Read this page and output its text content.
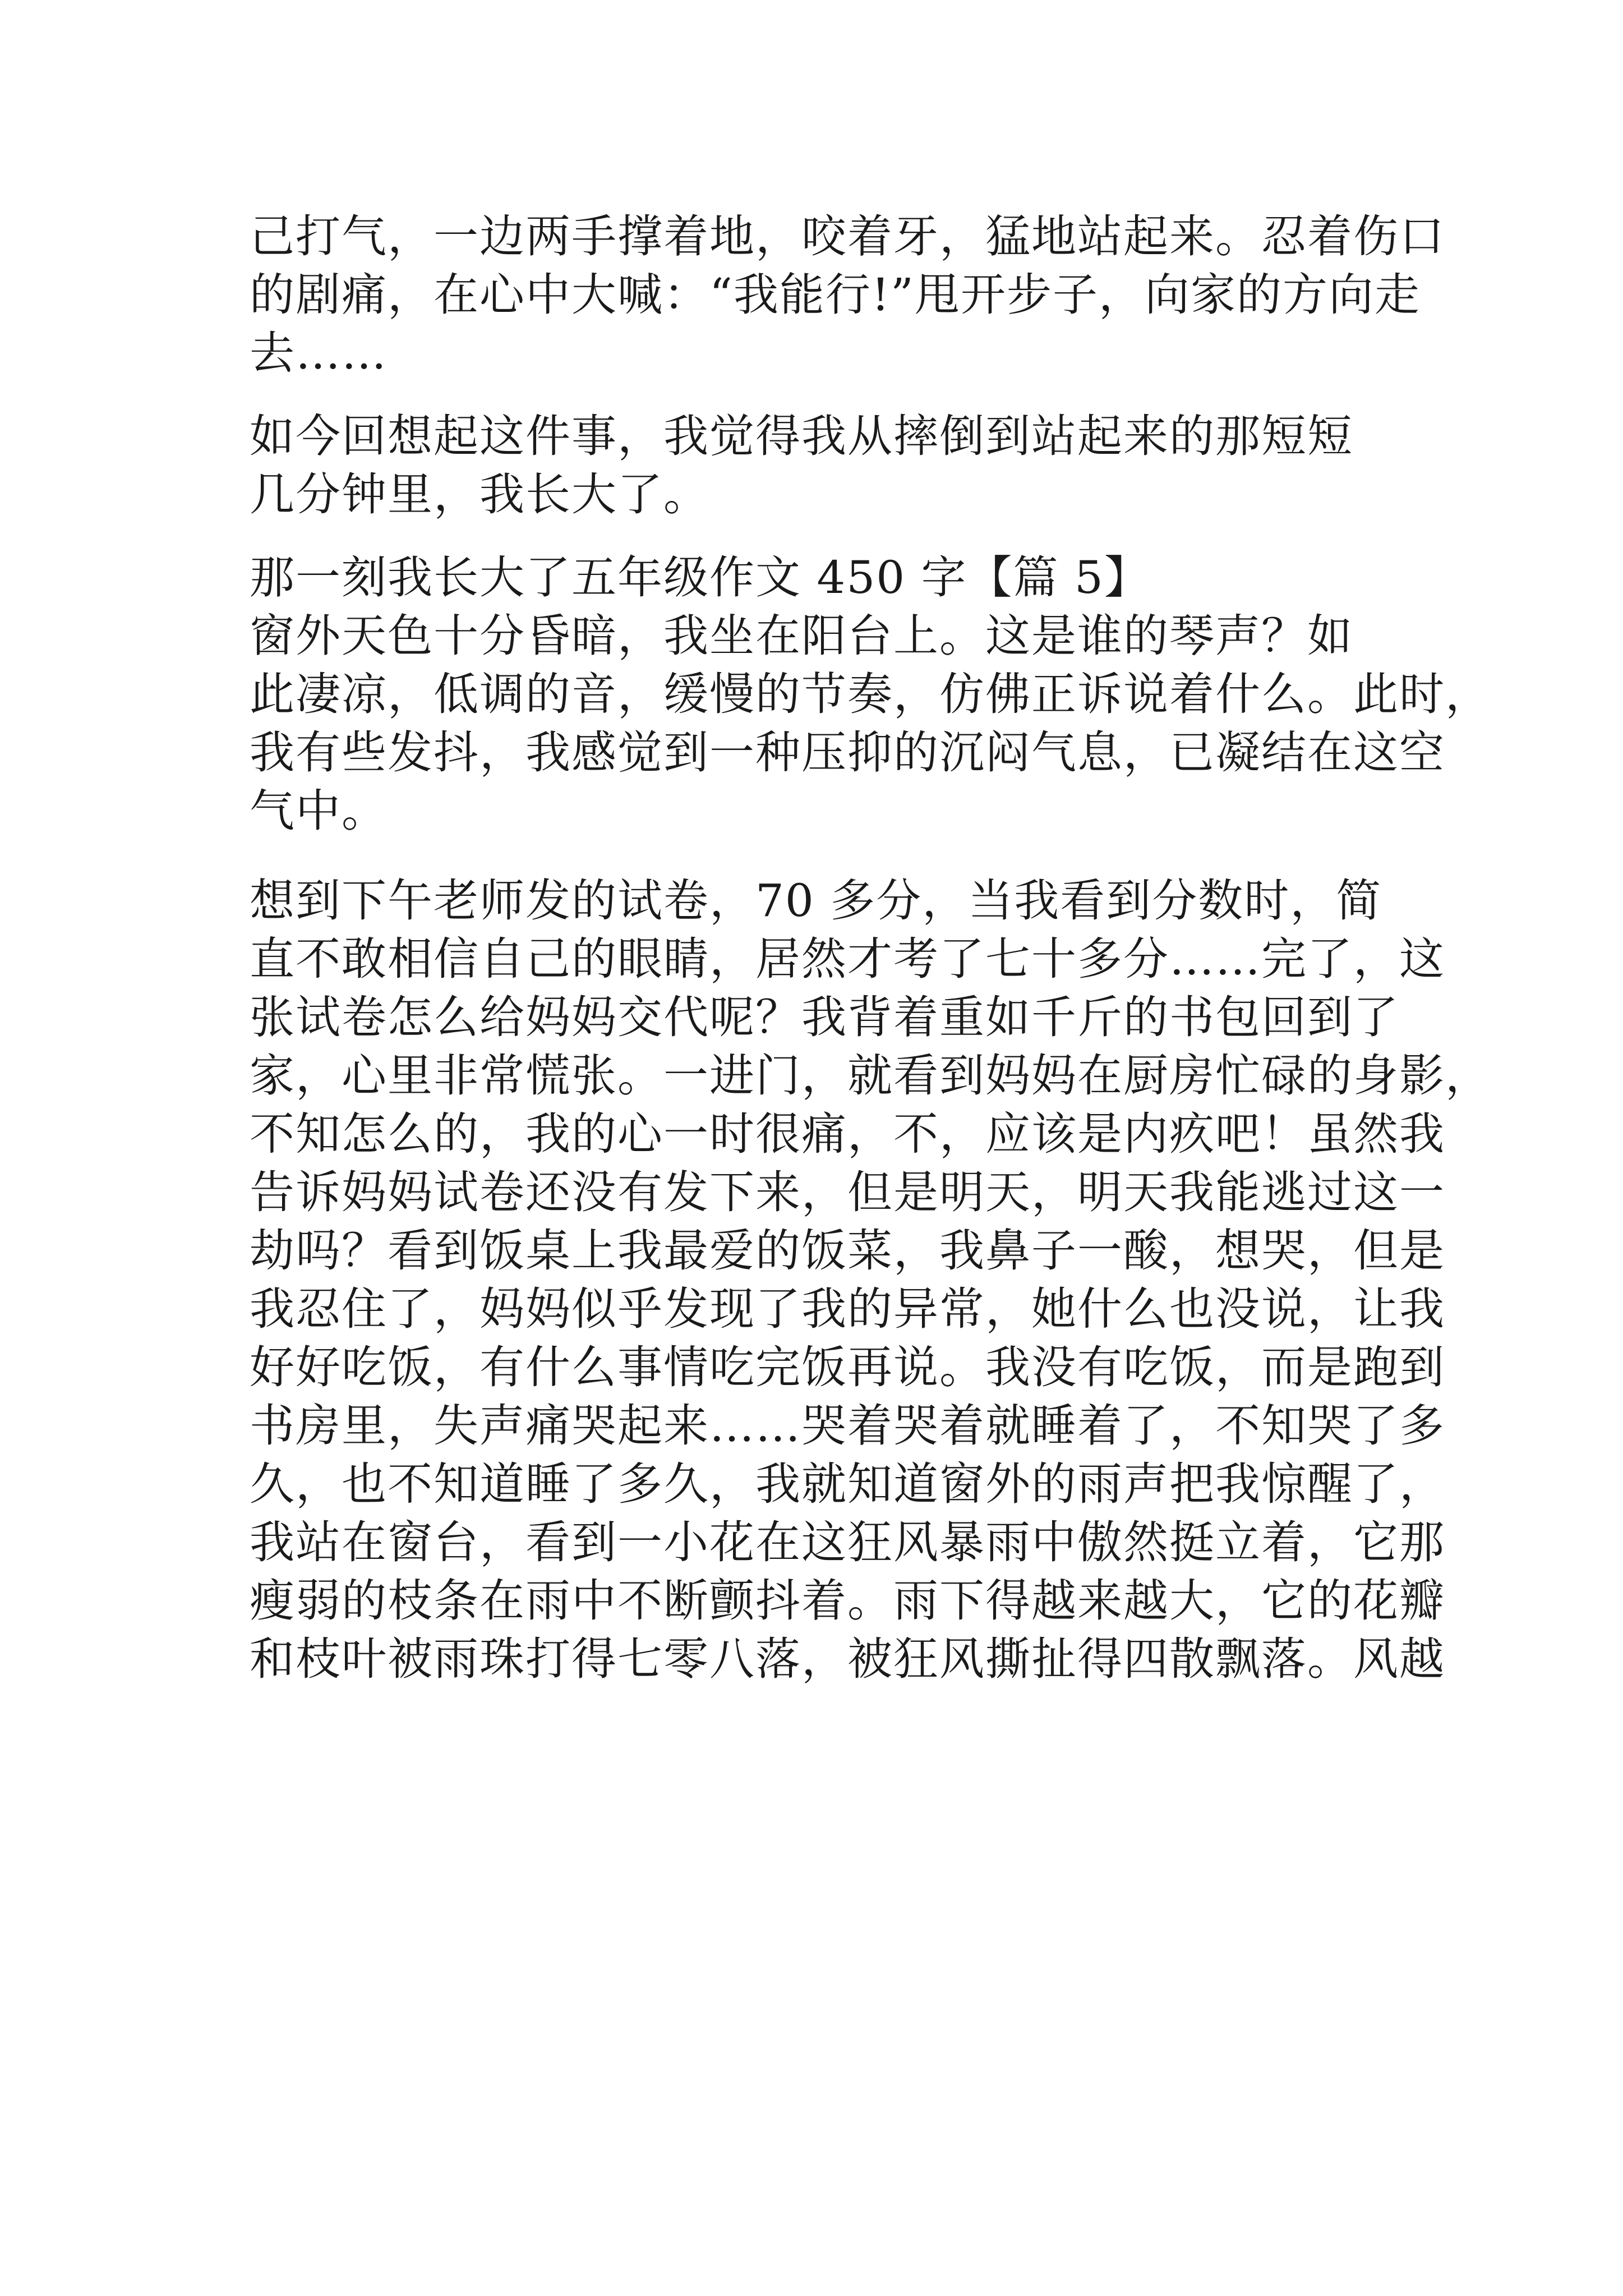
己打气，一边两手撑着地，咬着牙，猛地站起来。忍着伤口

的剧痛，在心中大喊：“我能行!”甩开步子，向家的方向走

去……

如今回想起这件事，我觉得我从摔倒到站起来的那短短

几分钟里，我长大了。

那一刻我长大了五年级作文 450 字【篇 5】

窗外天色十分昏暗，我坐在阳台上。这是谁的琴声？如

此凄凉，低调的音，缓慢的节奏，仿佛正诉说着什么。此时，

我有些发抖，我感觉到一种压抑的沉闷气息，已凝结在这空

气中。

想到下午老师发的试卷，70 多分，当我看到分数时，简

直不敢相信自己的眼睛，居然才考了七十多分……完了，这

张试卷怎么给妈妈交代呢？我背着重如千斤的书包回到了

家，心里非常慌张。一进门，就看到妈妈在厨房忙碌的身影，

不知怎么的，我的心一时很痛，不，应该是内疚吧！虽然我

告诉妈妈试卷还没有发下来，但是明天，明天我能逃过这一

劫吗？看到饭桌上我最爱的饭菜，我鼻子一酸，想哭，但是

我忍住了，妈妈似乎发现了我的异常，她什么也没说，让我

好好吃饭，有什么事情吃完饭再说。我没有吃饭，而是跑到

书房里，失声痛哭起来……哭着哭着就睡着了，不知哭了多

久，也不知道睡了多久，我就知道窗外的雨声把我惊醒了，

我站在窗台，看到一小花在这狂风暴雨中傲然挺立着，它那

瘦弱的枝条在雨中不断颤抖着。雨下得越来越大，它的花瓣

和枝叶被雨珠打得七零八落，被狂风撕扯得四散飘落。风越
